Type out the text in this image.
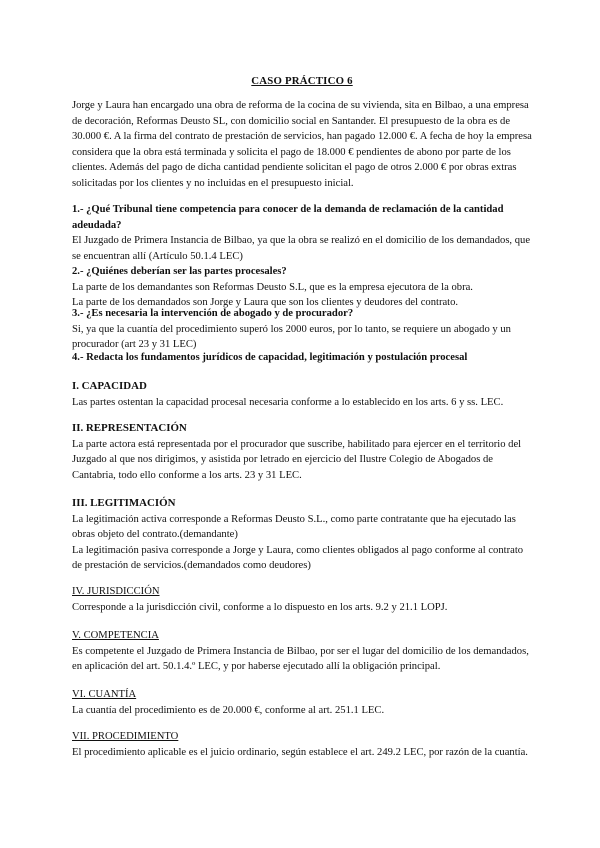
CASO PRÁCTICO 6

Jorge y Laura han encargado una obra de reforma de la cocina de su vivienda, sita en Bilbao, a una empresa de decoración, Reformas Deusto SL, con domicilio social en Santander. El presupuesto de la obra es de 30.000 €. A la firma del contrato de prestación de servicios, han pagado 12.000 €. A fecha de hoy la empresa considera que la obra está terminada y solicita el pago de 18.000 € pendientes de abono por parte de los clientes. Además del pago de dicha cantidad pendiente solicitan el pago de otros 2.000 € por obras extras solicitadas por los clientes y no incluidas en el presupuesto inicial.

1.- ¿Qué Tribunal tiene competencia para conocer de la demanda de reclamación de la cantidad adeudada?

El Juzgado de Primera Instancia de Bilbao, ya que la obra se realizó en el domicilio de los demandados, que se encuentran allí (Artículo 50.1.4 LEC)

2.- ¿Quiénes deberían ser las partes procesales?

La parte de los demandantes son Reformas Deusto S.L, que es la empresa ejecutora de la obra.

La parte de los demandados son Jorge y Laura que son los clientes y deudores del contrato.

3.- ¿Es necesaria la intervención de abogado y de procurador?

Si, ya que la cuantía del procedimiento superó los 2000 euros, por lo tanto, se requiere un abogado y un procurador (art 23 y 31 LEC)

4.- Redacta los fundamentos jurídicos de capacidad, legitimación y postulación procesal

I. CAPACIDAD

Las partes ostentan la capacidad procesal necesaria conforme a lo establecido en los arts. 6 y ss. LEC.

II. REPRESENTACIÓN

La parte actora está representada por el procurador que suscribe, habilitado para ejercer en el territorio del Juzgado al que nos dirigimos, y asistida por letrado en ejercicio del Ilustre Colegio de Abogados de Cantabria, todo ello conforme a los arts. 23 y 31 LEC.

III. LEGITIMACIÓN

La legitimación activa corresponde a Reformas Deusto S.L., como parte contratante que ha ejecutado las obras objeto del contrato.(demandante)

La legitimación pasiva corresponde a Jorge y Laura, como clientes obligados al pago conforme al contrato de prestación de servicios.(demandados como deudores)

IV. JURISDICCIÓN

Corresponde a la jurisdicción civil, conforme a lo dispuesto en los arts. 9.2 y 21.1 LOPJ.

V. COMPETENCIA

Es competente el Juzgado de Primera Instancia de Bilbao, por ser el lugar del domicilio de los demandados, en aplicación del art. 50.1.4.º LEC, y por haberse ejecutado allí la obligación principal.

VI. CUANTÍA

La cuantía del procedimiento es de 20.000 €, conforme al art. 251.1 LEC.

VII. PROCEDIMIENTO

El procedimiento aplicable es el juicio ordinario, según establece el art. 249.2 LEC, por razón de la cuantía.
